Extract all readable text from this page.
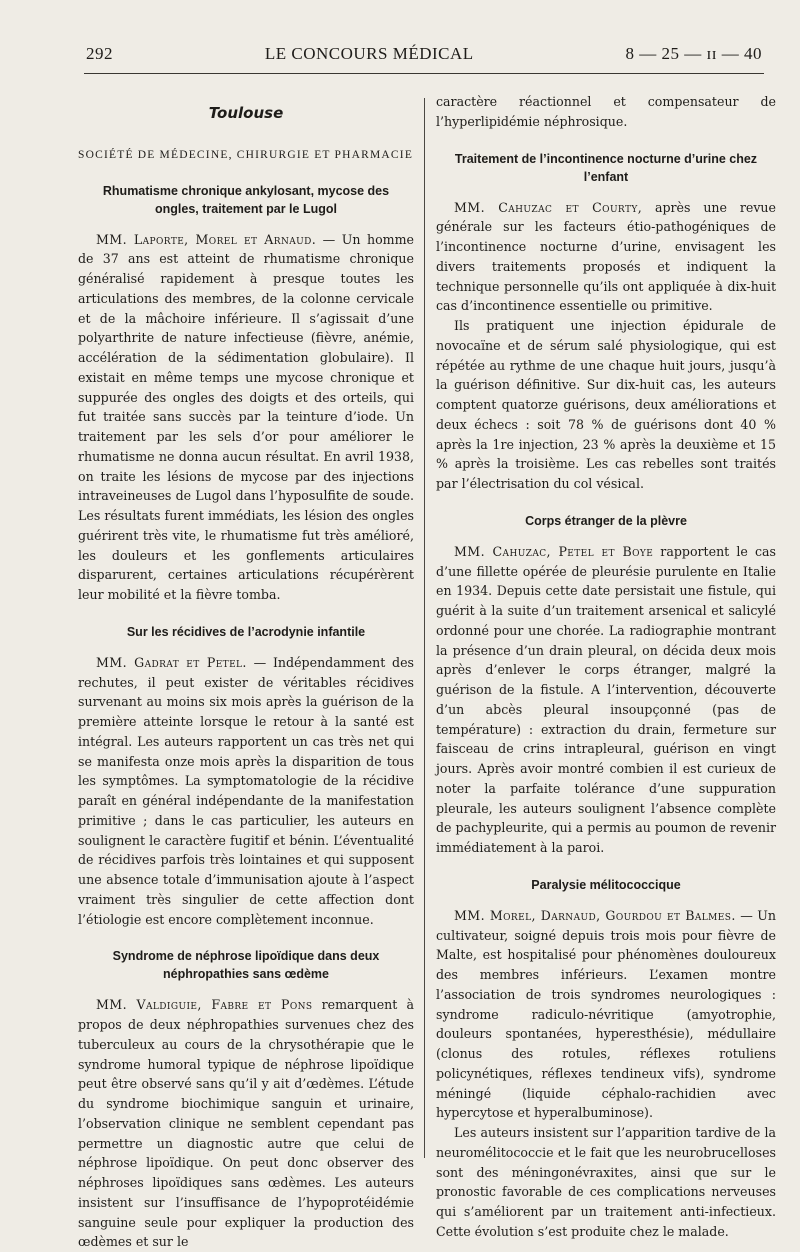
292	LE CONCOURS MÉDICAL	8 — 25 — ɪɪ — 40
Toulouse
SOCIÉTÉ DE MÉDECINE, CHIRURGIE ET PHARMACIE
Rhumatisme chronique ankylosant, mycose des ongles, traitement par le Lugol

MM. Laporte, Morel et Arnaud. — Un homme de 37 ans est atteint de rhumatisme chronique généralisé rapidement à presque toutes les articulations des membres, de la colonne cervicale et de la mâchoire inférieure. Il s’agissait d’une polyarthrite de nature infectieuse (fièvre, anémie, accélération de la sédimentation globulaire). Il existait en même temps une mycose chronique et suppurée des ongles des doigts et des orteils, qui fut traitée sans succès par la teinture d’iode. Un traitement par les sels d’or pour améliorer le rhumatisme ne donna aucun résultat. En avril 1938, on traite les lésions de mycose par des injections intraveineuses de Lugol dans l’hyposulfite de soude. Les résultats furent immédiats, les lésion des ongles guérirent très vite, le rhumatisme fut très amélioré, les douleurs et les gonflements articulaires disparurent, certaines articulations récupérèrent leur mobilité et la fièvre tomba.

Sur les récidives de l’acrodynie infantile

MM. Gadrat et Petel. — Indépendamment des rechutes, il peut exister de véritables récidives survenant au moins six mois après la guérison de la première atteinte lorsque le retour à la santé est intégral. Les auteurs rapportent un cas très net qui se manifesta onze mois après la disparition de tous les symptômes. La symptomatologie de la récidive paraît en général indépendante de la manifestation primitive ; dans le cas particulier, les auteurs en soulignent le caractère fugitif et bénin. L’éventualité de récidives parfois très lointaines et qui supposent une absence totale d’immunisation ajoute à l’aspect vraiment très singulier de cette affection dont l’étiologie est encore complètement inconnue.

Syndrome de néphrose lipoïdique dans deux néphropathies sans œdème

MM. Valdiguie, Fabre et Pons remarquent à propos de deux néphropathies survenues chez des tuberculeux au cours de la chrysothérapie que le syndrome humoral typique de néphrose lipoïdique peut être observé sans qu’il y ait d’œdèmes. L’étude du syndrome biochimique sanguin et urinaire, l’observation clinique ne semblent cependant pas permettre un diagnostic autre que celui de néphrose lipoïdique. On peut donc observer des néphroses lipoïdiques sans œdèmes. Les auteurs insistent sur l’insuffisance de l’hypoprotéidémie sanguine seule pour expliquer la production des œdèmes et sur le

caractère réactionnel et compensateur de l’hyperlipidémie néphrosique.

Traitement de l’incontinence nocturne d’urine chez l’enfant

MM. Cahuzac et Courty, après une revue générale sur les facteurs étio-pathogéniques de l’incontinence nocturne d’urine, envisagent les divers traitements proposés et indiquent la technique personnelle qu’ils ont appliquée à dix-huit cas d’incontinence essentielle ou primitive.

Ils pratiquent une injection épidurale de novocaïne et de sérum salé physiologique, qui est répétée au rythme de une chaque huit jours, jusqu’à la guérison définitive. Sur dix-huit cas, les auteurs comptent quatorze guérisons, deux améliorations et deux échecs : soit 78 % de guérisons dont 40 % après la 1re injection, 23 % après la deuxième et 15 % après la troisième. Les cas rebelles sont traités par l’électrisation du col vésical.

Corps étranger de la plèvre

MM. Cahuzac, Petel et Boye rapportent le cas d’une fillette opérée de pleurésie purulente en Italie en 1934. Depuis cette date persistait une fistule, qui guérit à la suite d’un traitement arsenical et salicylé ordonné pour une chorée. La radiographie montrant la présence d’un drain pleural, on décida deux mois après d’enlever le corps étranger, malgré la guérison de la fistule. A l’intervention, découverte d’un abcès pleural insoupçonné (pas de température) : extraction du drain, fermeture sur faisceau de crins intrapleural, guérison en vingt jours. Après avoir montré combien il est curieux de noter la parfaite tolérance d’une suppuration pleurale, les auteurs soulignent l’absence complète de pachypleurite, qui a permis au poumon de revenir immédiatement à la paroi.

Paralysie mélitococcique

MM. Morel, Darnaud, Gourdou et Balmes. — Un cultivateur, soigné depuis trois mois pour fièvre de Malte, est hospitalisé pour phénomènes douloureux des membres inférieurs. L’examen montre l’association de trois syndromes neurologiques : syndrome radiculo-névritique (amyotrophie, douleurs spontanées, hyperesthésie), médullaire (clonus des rotules, réflexes rotuliens policynétiques, réflexes tendineux vifs), syndrome méningé (liquide céphalo-rachidien avec hypercytose et hyperalbuminose).

Les auteurs insistent sur l’apparition tardive de la neuromélitococcie et le fait que les neurobrucelloses sont des méningonévraxites, ainsi que sur le pronostic favorable de ces complications nerveuses qui s’améliorent par un traitement anti-infectieux. Cette évolution s’est produite chez le malade.
